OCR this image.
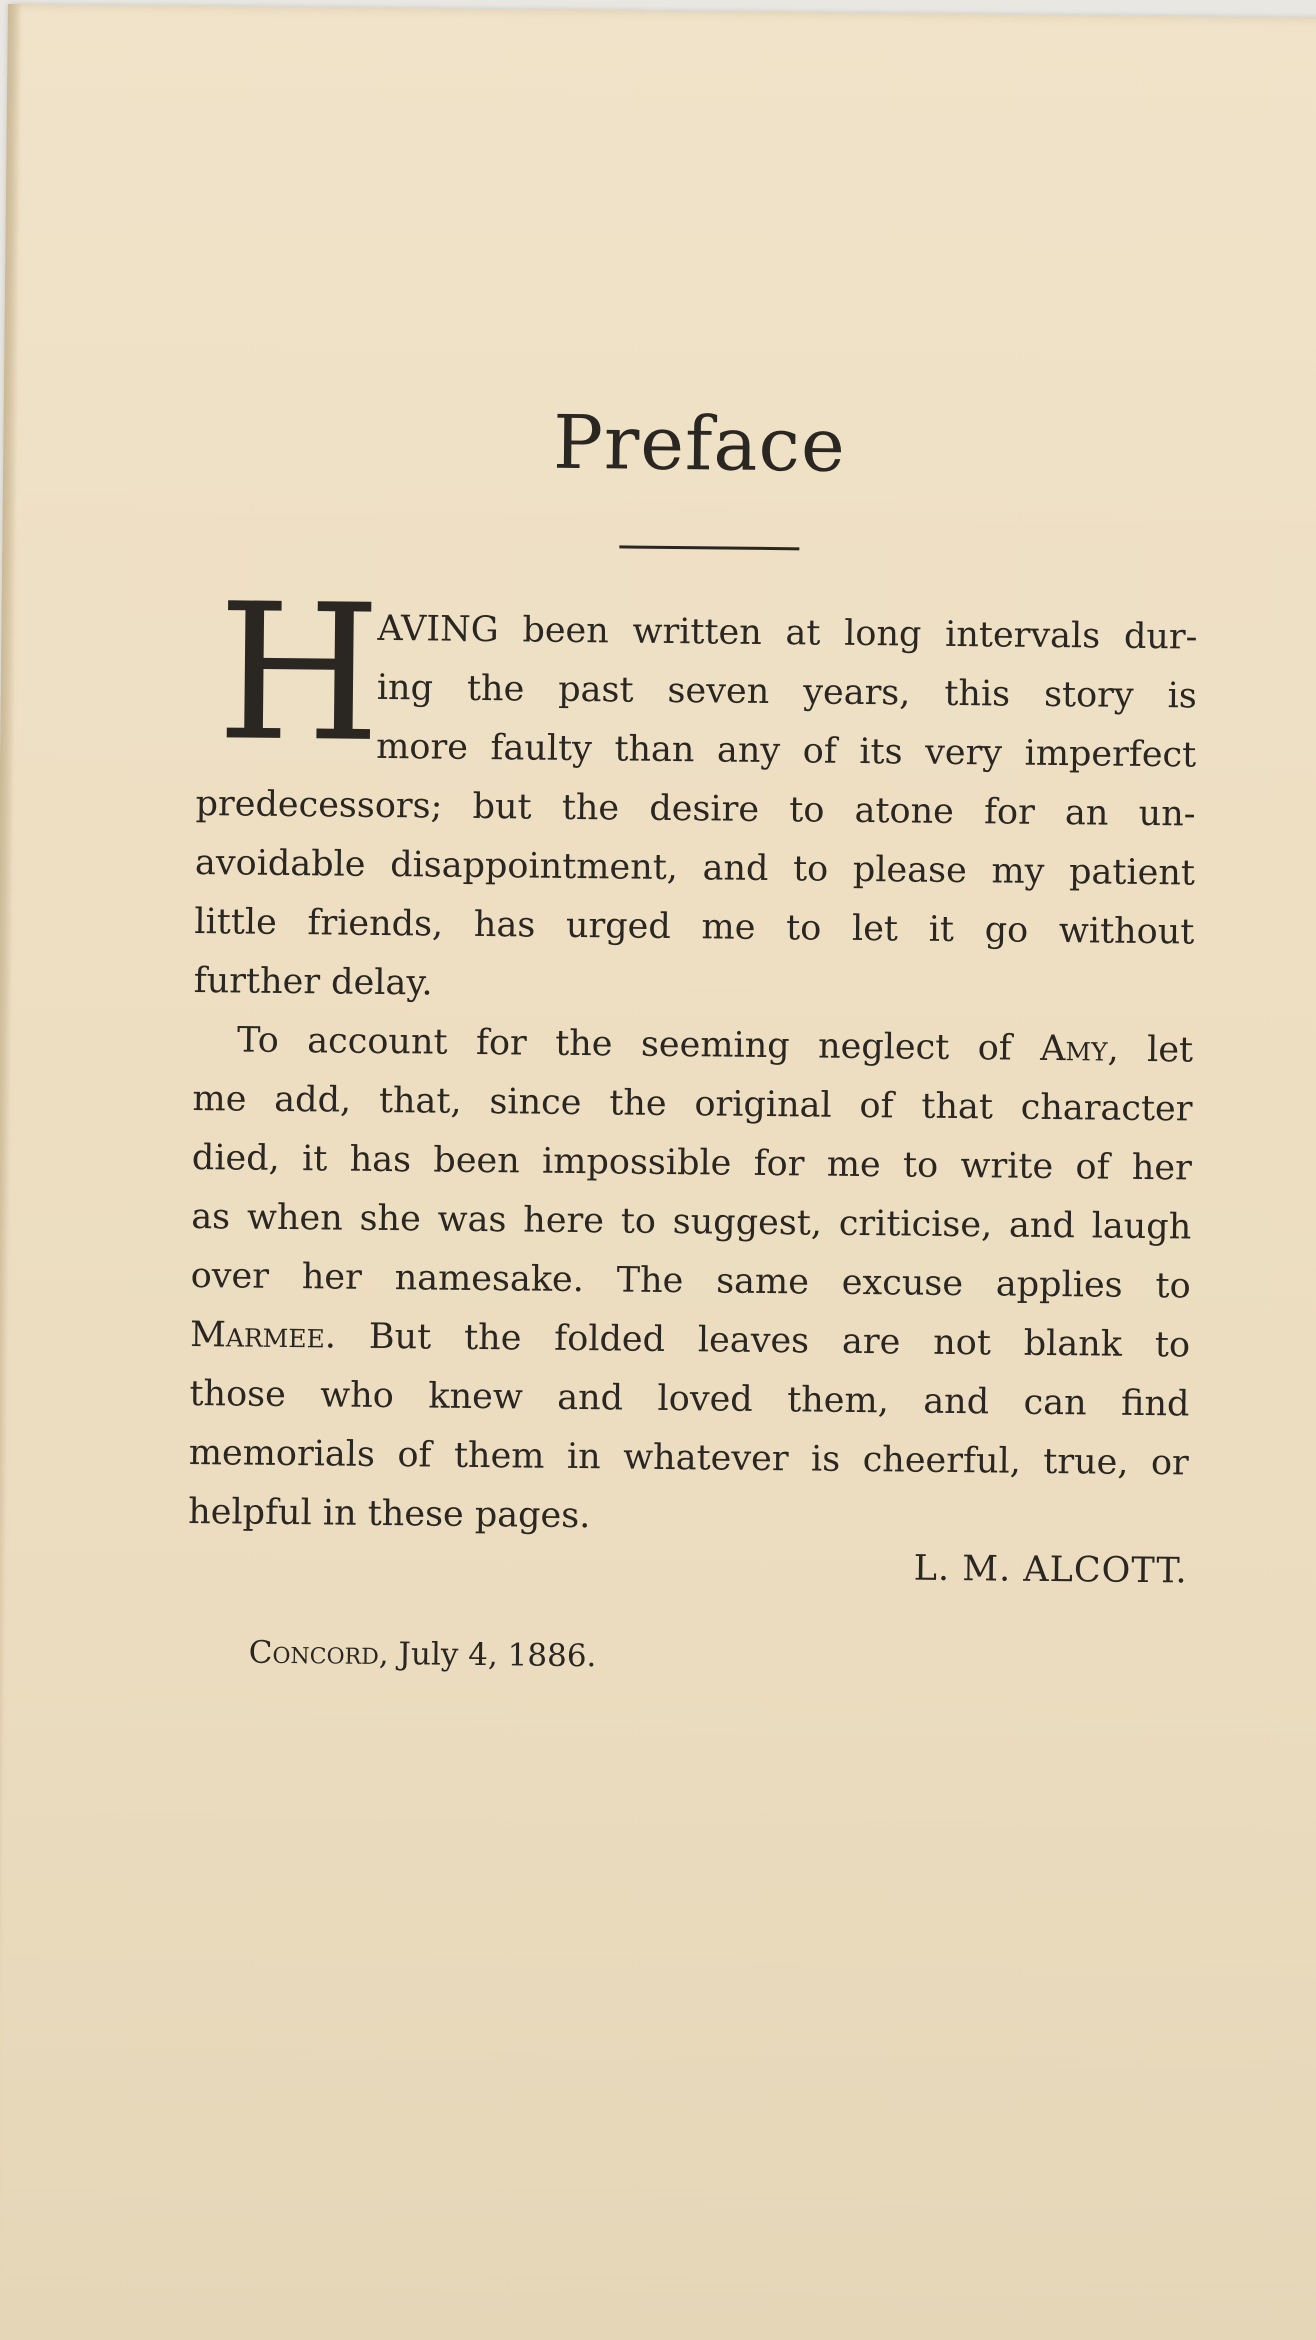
Preface
H
AVING been written at long intervals dur-
ing the past seven years, this story is
more faulty than any of its very imperfect
predecessors; but the desire to atone for an un-
avoidable disappointment, and to please my patient
little friends, has urged me to let it go without
further delay.
To account for the seeming neglect of Amy, let
me add, that, since the original of that character
died, it has been impossible for me to write of her
as when she was here to suggest, criticise, and laugh
over her namesake. The same excuse applies to
Marmee. But the folded leaves are not blank to
those who knew and loved them, and can find
memorials of them in whatever is cheerful, true, or
helpful in these pages.
L. M. ALCOTT.
Concord, July 4, 1886.
